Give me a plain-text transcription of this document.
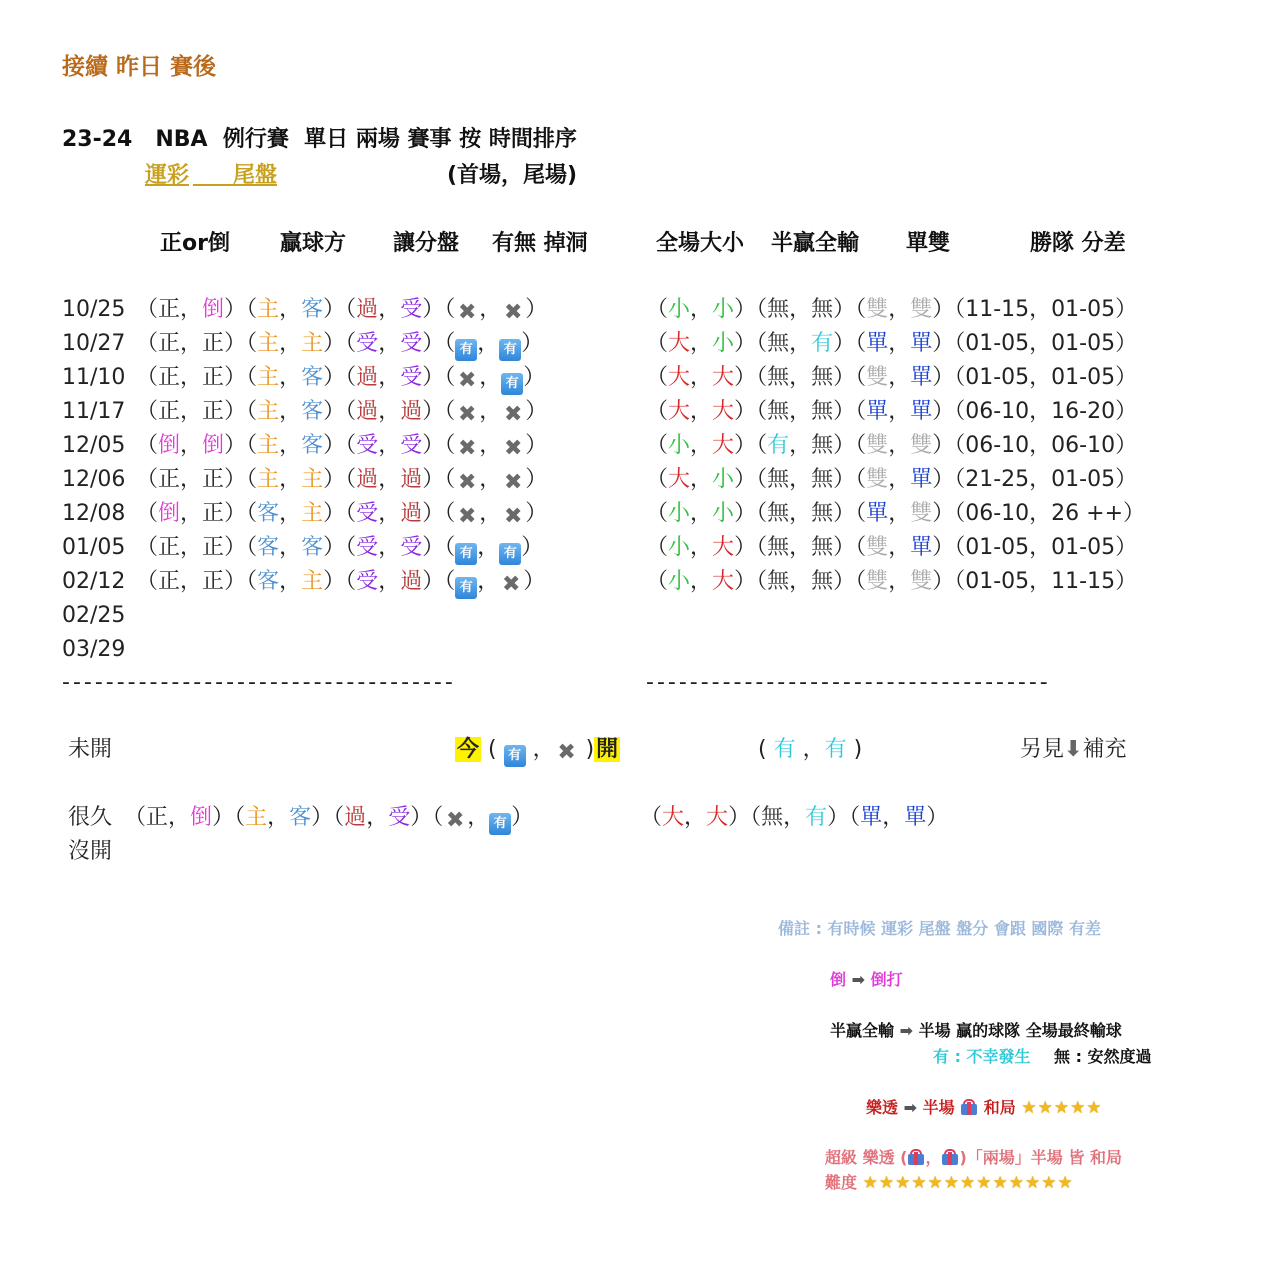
接續 昨日 賽後
23-24   NBA  例行賽  單日 兩場 賽事 按 時間排序
運彩 尾盤	(首場，尾場)
正or倒 贏球方 讓分盤 有無 掉洞	全場大小 半贏全輸 單雙	勝隊 分差
10/25 （正，倒）（主，客）（過，受）（ ✖ ， ✖ ）	（小，小）（無，無）（雙，雙）（11-15，01-05）
10/27 （正，正）（主，主）（受，受）（ 有 ， 有 ）	（大，小）（無，有）（單，單）（01-05，01-05）
11/10 （正，正）（主，客）（過，受）（ ✖ ， 有 ）	（大，大）（無，無）（雙，單）（01-05，01-05）
11/17 （正，正）（主，客）（過，過）（ ✖ ， ✖ ）	（大，大）（無，無）（單，單）（06-10，16-20）
12/05 （倒，倒）（主，客）（受，受）（ ✖ ， ✖ ）	（小，大）（有，無）（雙，雙）（06-10，06-10）
12/06 （正，正）（主，主）（過，過）（ ✖ ， ✖ ）	（大，小）（無，無）（雙，單）（21-25，01-05）
12/08 （倒，正）（客，主）（受，過）（ ✖ ， ✖ ）	（小，小）（無，無）（單，雙）（06-10，26 ++）
01/05 （正，正）（客，客）（受，受）（ 有 ， 有 ）	（小，大）（無，無）（雙，單）（01-05，01-05）
02/12 （正，正）（客，主）（受，過）（ 有 ， ✖ ）	（小，大）（無，無）（雙，雙）（01-05，11-15）
02/25
03/29
------------------------------------	-------------------------------------
未開	今 ( 有 ， ✖ )開	( 有 ，有 )	另見⬇補充
很久
沒開
（正，倒）（主，客）（過，受）（ ✖ ， 有 ）	（大，大）（無，有）（單，單）
備註 : 有時候 運彩 尾盤 盤分 會跟 國際 有差
倒 ➡ 倒打
半贏全輸 ➡ 半場 贏的球隊 全場最終輸球
有 : 不幸發生 無 : 安然度過
樂透 ➡ 半場 和局 ★★★★★
超級 樂透 ( ， )「兩場」半場 皆 和局
難度 ★★★★★★★★★★★★★
